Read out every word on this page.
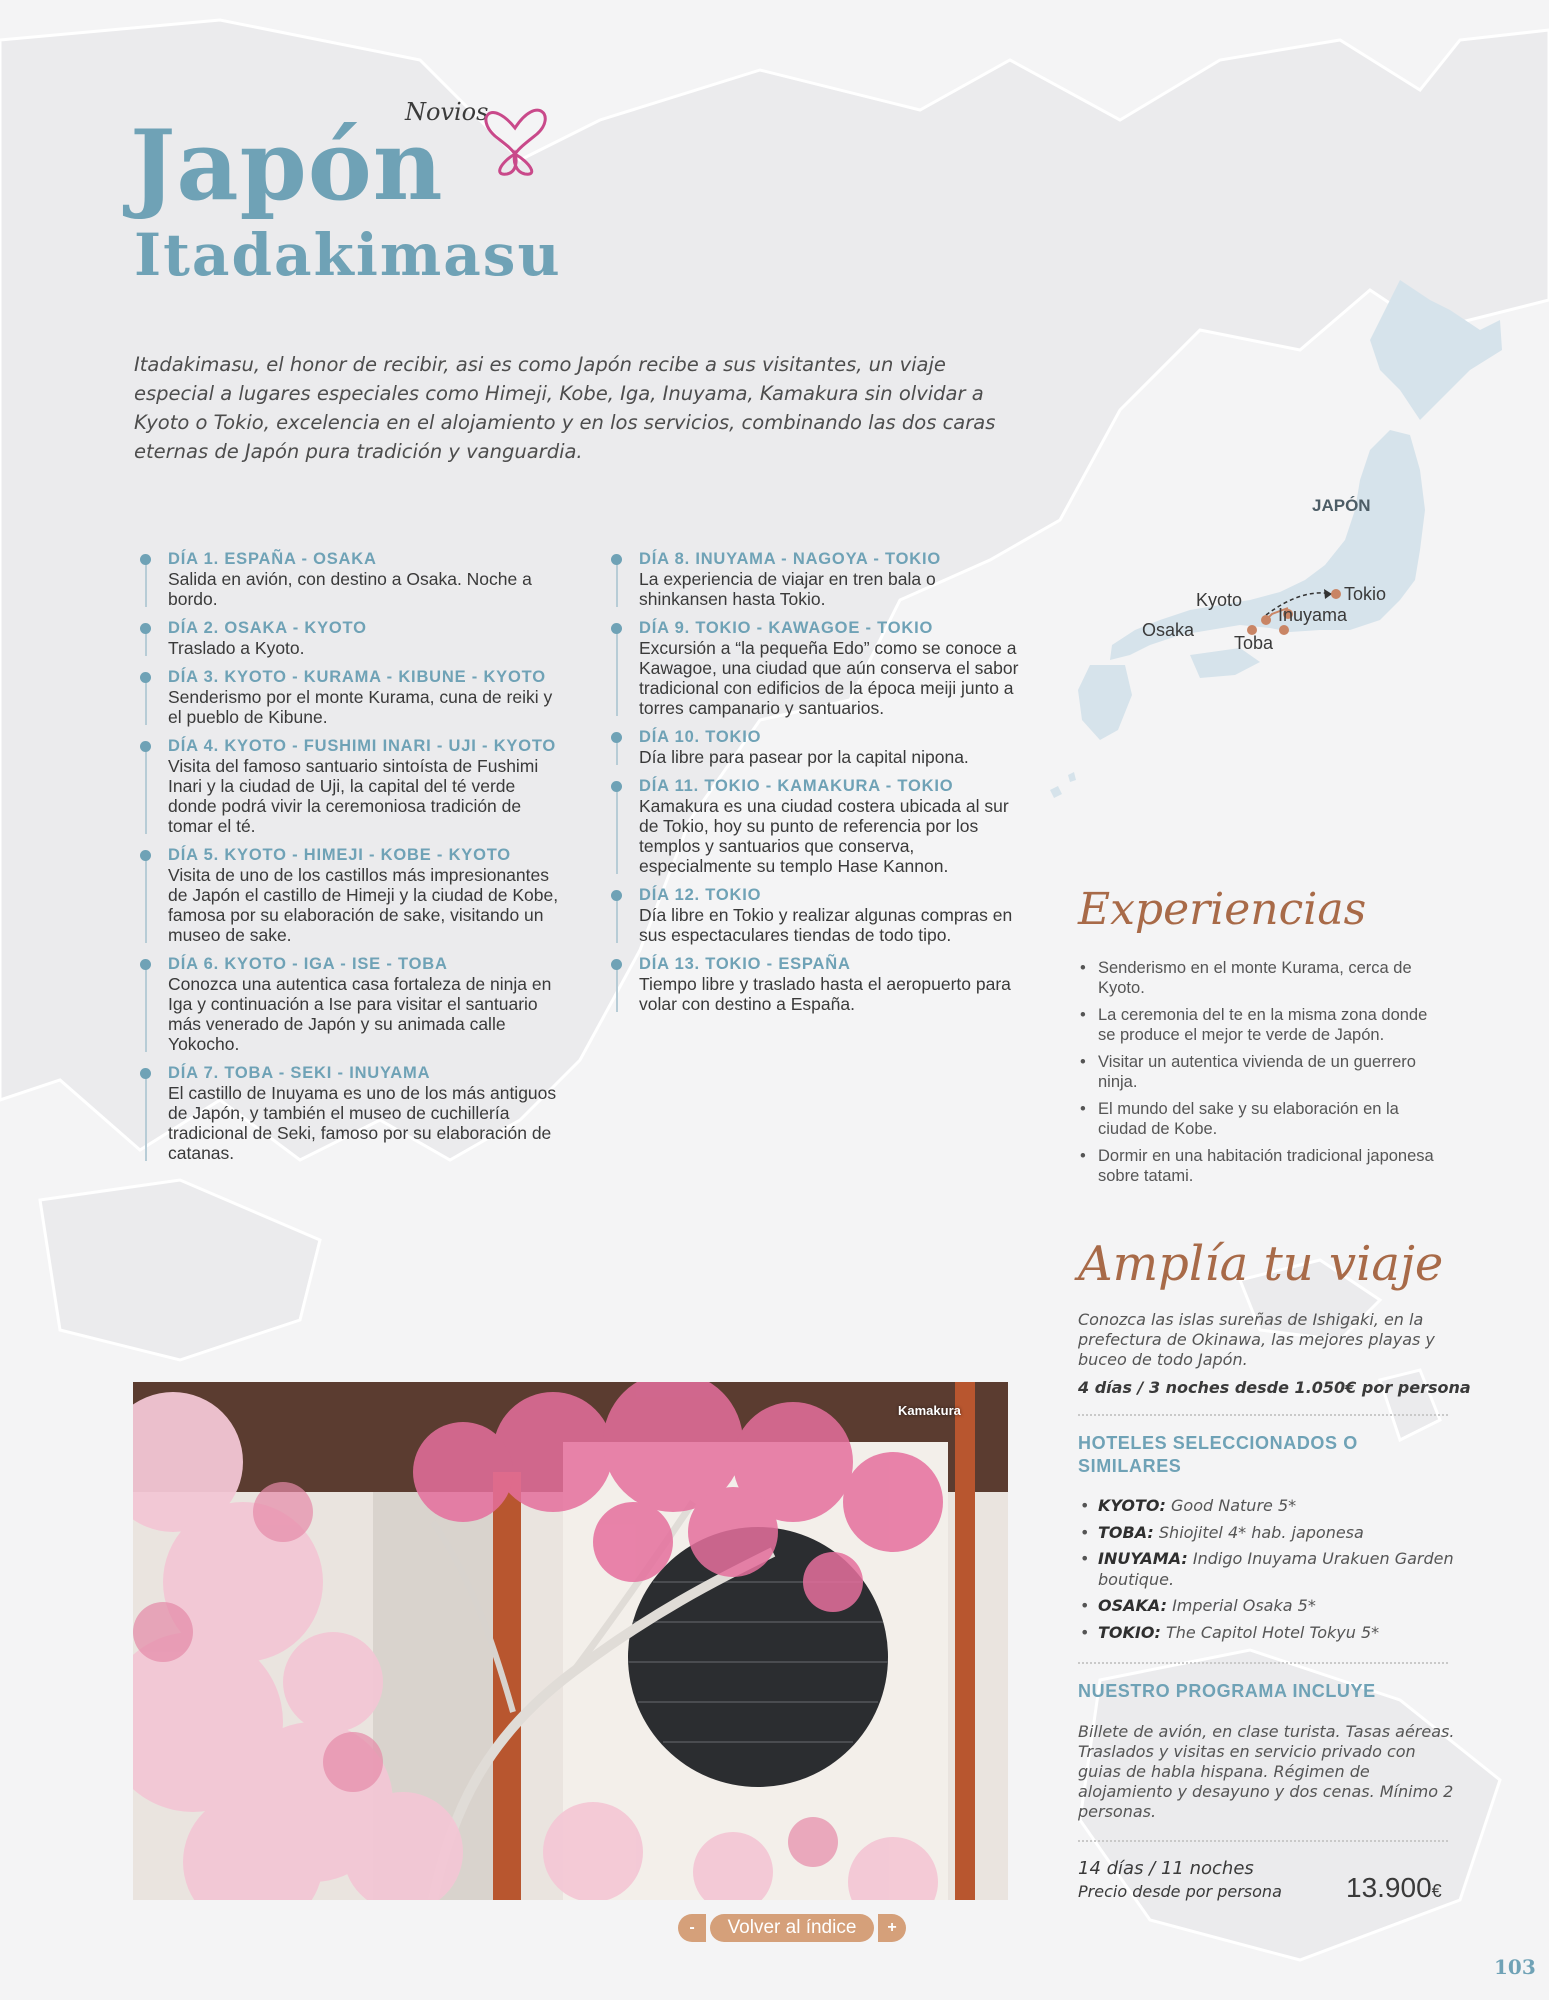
Novios
Japón
Itadakimasu

Itadakimasu, el honor de recibir, asi es como Japón recibe a sus visitantes, un viaje especial a lugares especiales como Himeji, Kobe, Iga, Inuyama, Kamakura sin olvidar a Kyoto o Tokio, excelencia en el alojamiento y en los servicios, combinando las dos caras eternas de Japón pura tradición y vanguardia.

DÍA 1. ESPAÑA - OSAKA
Salida en avión, con destino a Osaka. Noche a bordo.
DÍA 2. OSAKA - KYOTO
Traslado a Kyoto.
DÍA 3. KYOTO - KURAMA - KIBUNE - KYOTO
Senderismo por el monte Kurama, cuna de reiki y el pueblo de Kibune.
DÍA 4. KYOTO - FUSHIMI INARI - UJI - KYOTO
Visita del famoso santuario sintoísta de Fushimi Inari y la ciudad de Uji, la capital del té verde donde podrá vivir la ceremoniosa tradición de tomar el té.
DÍA 5. KYOTO - HIMEJI - KOBE - KYOTO
Visita de uno de los castillos más impresionantes de Japón el castillo de Himeji y la ciudad de Kobe, famosa por su elaboración de sake, visitando un museo de sake.
DÍA 6. KYOTO - IGA - ISE - TOBA
Conozca una autentica casa fortaleza de ninja en Iga y continuación a Ise para visitar el santuario más venerado de Japón y su animada calle Yokocho.
DÍA 7. TOBA - SEKI - INUYAMA
El castillo de Inuyama es uno de los más antiguos de Japón, y también el museo de cuchillería tradicional de Seki, famoso por su elaboración de catanas.
DÍA 8. INUYAMA - NAGOYA - TOKIO
La experiencia de viajar en tren bala o shinkansen hasta Tokio.
DÍA 9. TOKIO - KAWAGOE - TOKIO
Excursión a “la pequeña Edo” como se conoce a Kawagoe, una ciudad que aún conserva el sabor tradicional con edificios de la época meiji junto a torres campanario y santuarios.
DÍA 10. TOKIO
Día libre para pasear por la capital nipona.
DÍA 11. TOKIO - KAMAKURA - TOKIO
Kamakura es una ciudad costera ubicada al sur de Tokio, hoy su punto de referencia por los templos y santuarios que conserva, especialmente su templo Hase Kannon.
DÍA 12. TOKIO
Día libre en Tokio y realizar algunas compras en sus espectaculares tiendas de todo tipo.
DÍA 13. TOKIO - ESPAÑA
Tiempo libre y traslado hasta el aeropuerto para volar con destino a España.
JAPÓN
Kyoto
Osaka
Inuyama
Toba
Tokio
Experiencias
• Senderismo en el monte Kurama, cerca de Kyoto.
• La ceremonia del te en la misma zona donde se produce el mejor te verde de Japón.
• Visitar un autentica vivienda de un guerrero ninja.
• El mundo del sake y su elaboración en la ciudad de Kobe.
• Dormir en una habitación tradicional japonesa sobre tatami.
Amplía tu viaje

Conozca las islas sureñas de Ishigaki, en la prefectura de Okinawa, las mejores playas y buceo de todo Japón.

4 días / 3 noches desde 1.050€ por persona

HOTELES SELECCIONADOS O SIMILARES
• KYOTO: Good Nature 5*
• TOBA: Shiojitel 4* hab. japonesa
• INUYAMA: Indigo Inuyama Urakuen Garden boutique.
• OSAKA: Imperial Osaka 5*
• TOKIO: The Capitol Hotel Tokyu 5*
NUESTRO PROGRAMA INCLUYE

Billete de avión, en clase turista. Tasas aéreas. Traslados y visitas en servicio privado con guias de habla hispana. Régimen de alojamiento y desayuno y dos cenas. Mínimo 2 personas.

14 días / 11 noches
Precio desde por persona 13.900€
Kamakura
-	Volver al índice	+
103
